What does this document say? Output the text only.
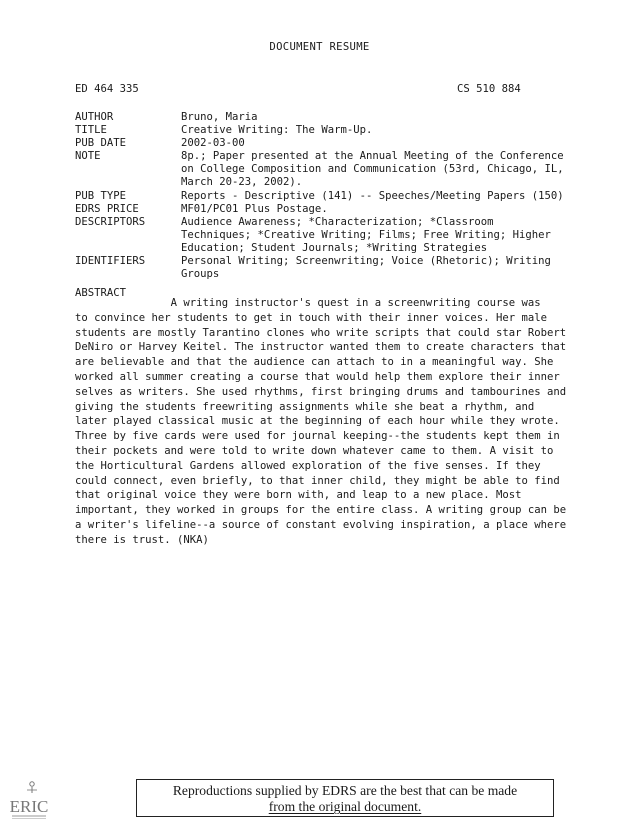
DOCUMENT RESUME
ED 464 335	CS 510 884
AUTHOR	Bruno, Maria
TITLE	Creative Writing: The Warm-Up.
PUB DATE	2002-03-00
NOTE	8p.; Paper presented at the Annual Meeting of the Conference
on College Composition and Communication (53rd, Chicago, IL,
March 20-23, 2002).
PUB TYPE	Reports - Descriptive (141) -- Speeches/Meeting Papers (150)
EDRS PRICE	MF01/PC01 Plus Postage.
DESCRIPTORS	Audience Awareness; *Characterization; *Classroom
Techniques; *Creative Writing; Films; Free Writing; Higher
Education; Student Journals; *Writing Strategies
IDENTIFIERS	Personal Writing; Screenwriting; Voice (Rhetoric); Writing
Groups
ABSTRACT
A writing instructor's quest in a screenwriting course was
to convince her students to get in touch with their inner voices. Her male
students are mostly Tarantino clones who write scripts that could star Robert
DeNiro or Harvey Keitel. The instructor wanted them to create characters that
are believable and that the audience can attach to in a meaningful way. She
worked all summer creating a course that would help them explore their inner
selves as writers. She used rhythms, first bringing drums and tambourines and
giving the students freewriting assignments while she beat a rhythm, and
later played classical music at the beginning of each hour while they wrote.
Three by five cards were used for journal keeping--the students kept them in
their pockets and were told to write down whatever came to them. A visit to
the Horticultural Gardens allowed exploration of the five senses. If they
could connect, even briefly, to that inner child, they might be able to find
that original voice they were born with, and leap to a new place. Most
important, they worked in groups for the entire class. A writing group can be
a writer's lifeline--a source of constant evolving inspiration, a place where
there is trust. (NKA)
ERIC
Reproductions supplied by EDRS are the best that can be made
from the original document.
